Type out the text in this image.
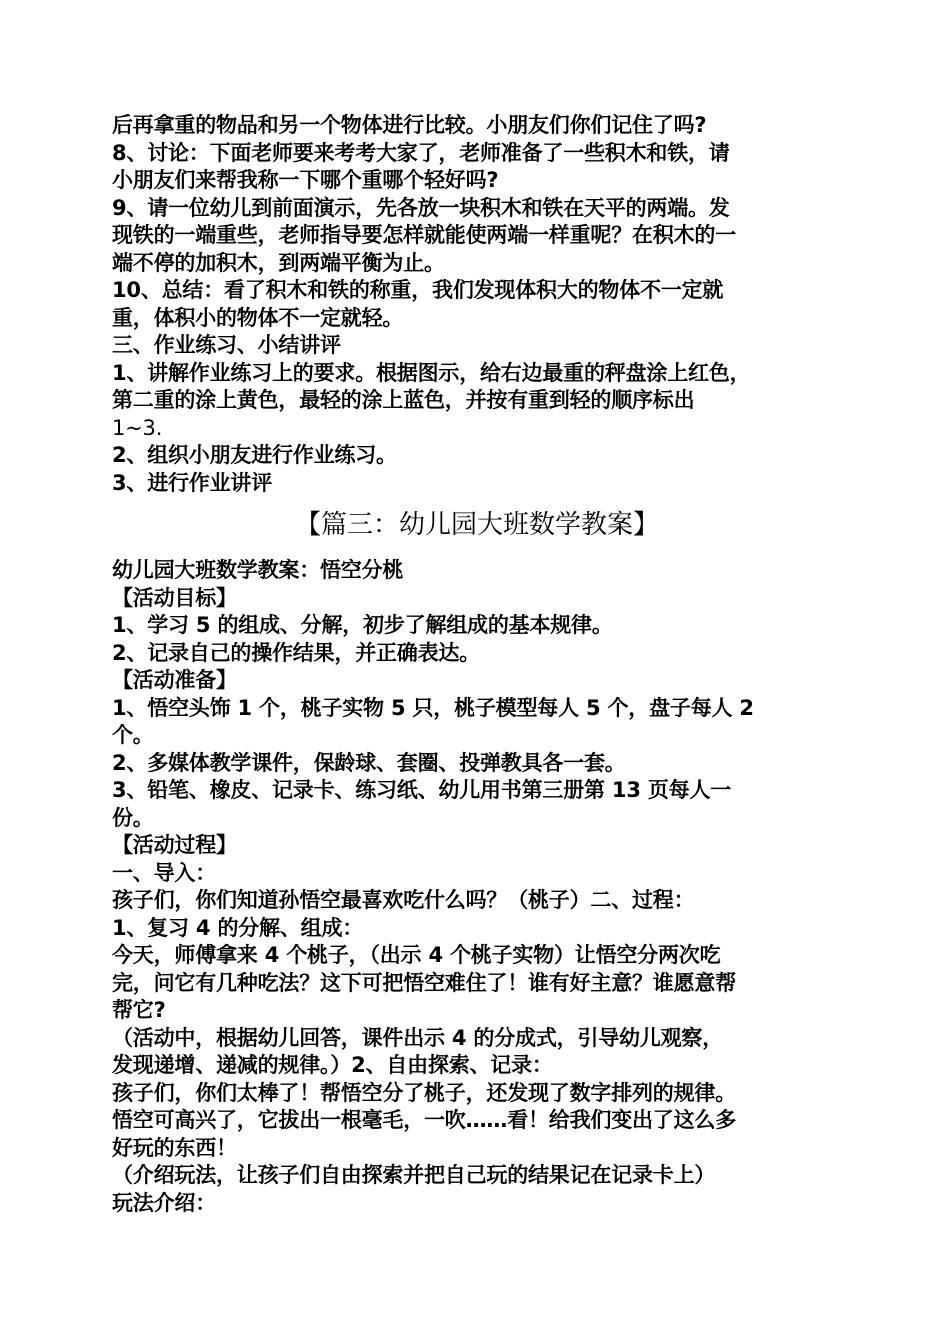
后再拿重的物品和另一个物体进行比较。小朋友们你们记住了吗?
8、讨论：下面老师要来考考大家了，老师准备了一些积木和铁，请
小朋友们来帮我称一下哪个重哪个轻好吗?
9、请一位幼儿到前面演示，先各放一块积木和铁在天平的两端。发
现铁的一端重些，老师指导要怎样就能使两端一样重呢？在积木的一
端不停的加积木，到两端平衡为止。
10、总结：看了积木和铁的称重，我们发现体积大的物体不一定就
重，体积小的物体不一定就轻。
三、作业练习、小结讲评
1、讲解作业练习上的要求。根据图示，给右边最重的秤盘涂上红色，
第二重的涂上黄色，最轻的涂上蓝色，并按有重到轻的顺序标出
1~3.
2、组织小朋友进行作业练习。
3、进行作业讲评
【篇三：幼儿园大班数学教案】
幼儿园大班数学教案：悟空分桃
【活动目标】
1、学习 5 的组成、分解，初步了解组成的基本规律。
2、记录自己的操作结果，并正确表达。
【活动准备】
1、悟空头饰 1 个，桃子实物 5 只，桃子模型每人 5 个，盘子每人 2
个。
2、多媒体教学课件，保龄球、套圈、投弹教具各一套。
3、铅笔、橡皮、记录卡、练习纸、幼儿用书第三册第 13 页每人一
份。
【活动过程】
一、导入：
孩子们，你们知道孙悟空最喜欢吃什么吗？（桃子）二、过程：
1、复习 4 的分解、组成：
今天，师傅拿来 4 个桃子，（出示 4 个桃子实物）让悟空分两次吃
完，问它有几种吃法？这下可把悟空难住了！谁有好主意？谁愿意帮
帮它?
（活动中，根据幼儿回答，课件出示 4 的分成式，引导幼儿观察，
发现递增、递减的规律。）2、自由探索、记录：
孩子们，你们太棒了！帮悟空分了桃子，还发现了数字排列的规律。
悟空可高兴了，它拔出一根毫毛，一吹……看！给我们变出了这么多
好玩的东西！
（介绍玩法，让孩子们自由探索并把自己玩的结果记在记录卡上）
玩法介绍：
